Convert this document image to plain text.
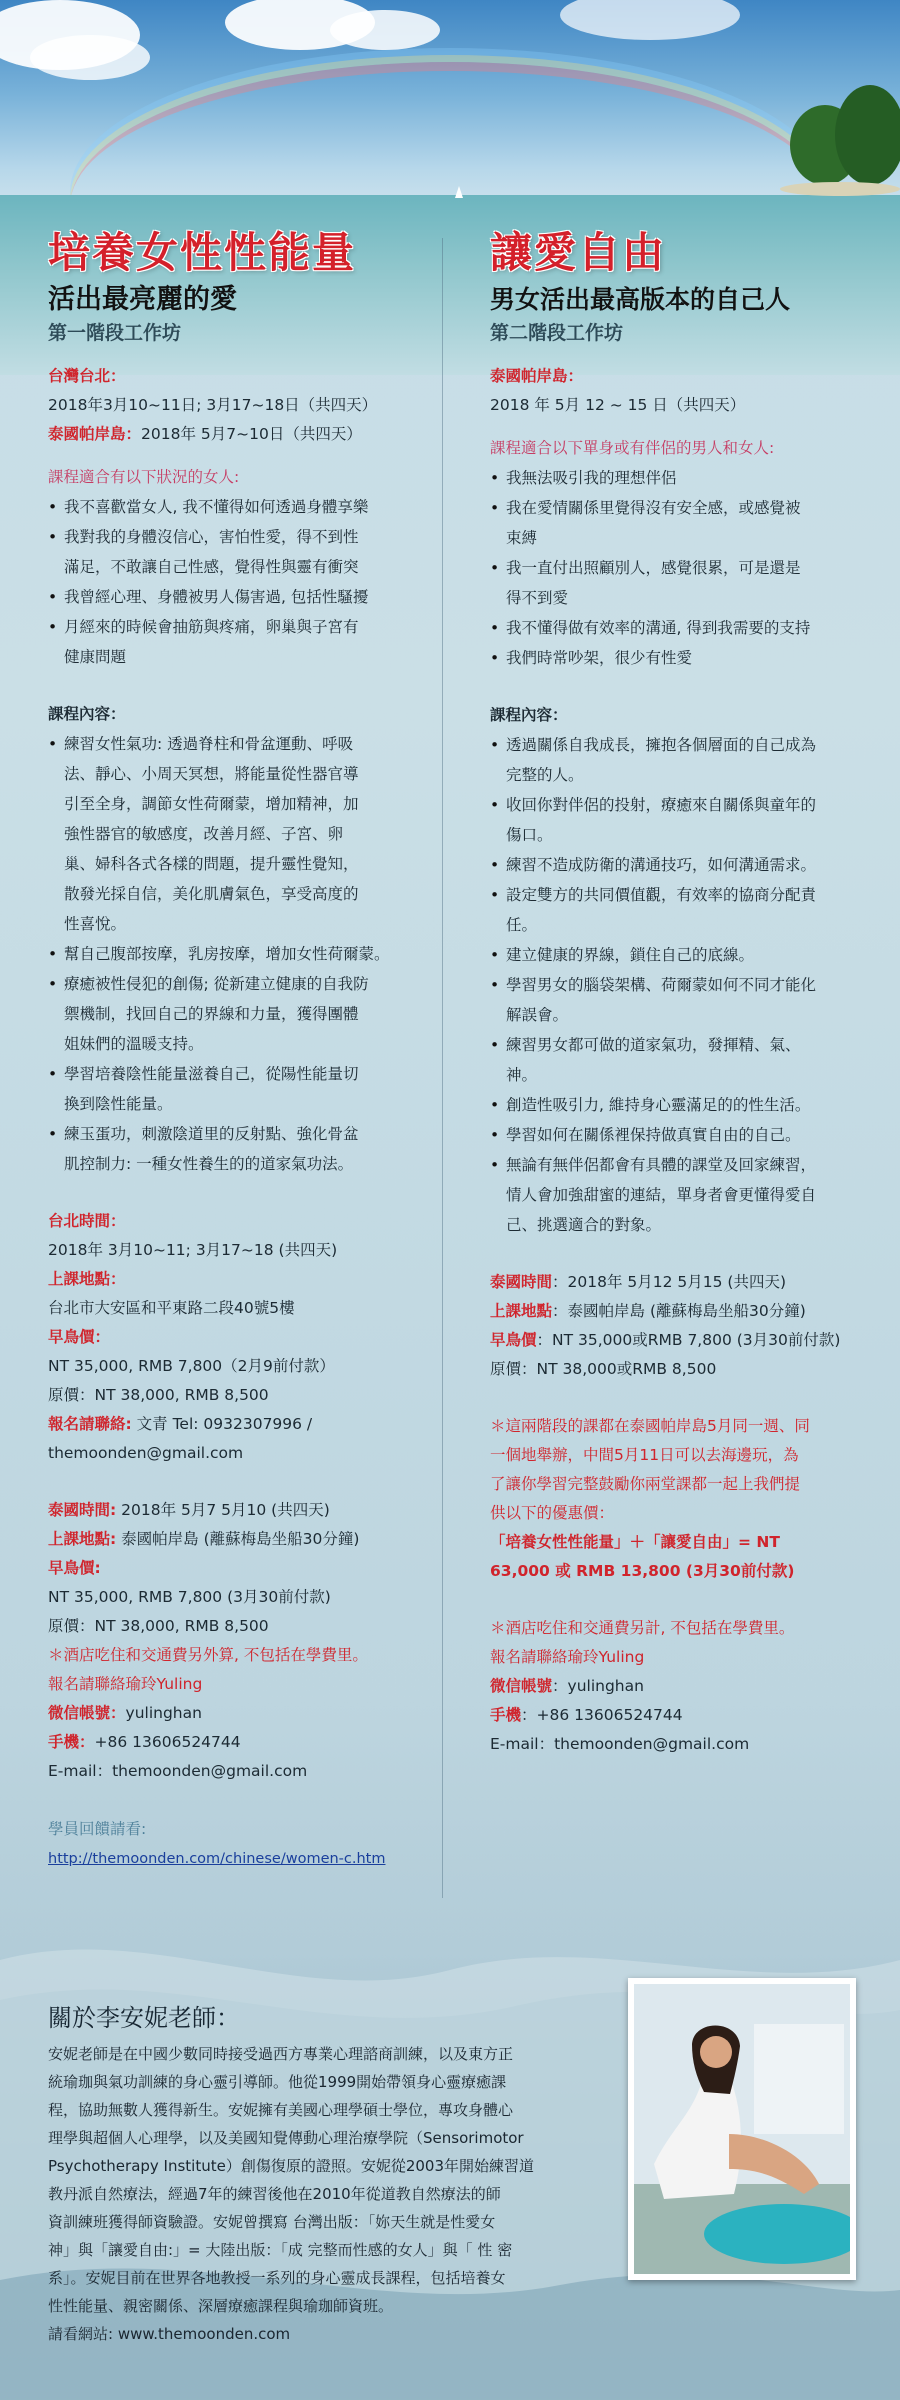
培養女性性能量
活出最亮麗的愛
第一階段工作坊
台灣台北：
2018年3月10~11日; 3月17~18日（共四天）
泰國帕岸島：2018年 5月7~10日（共四天）
課程適合有以下狀況的女人:
• 我不喜歡當女人, 我不懂得如何透過身體享樂
• 我對我的身體沒信心，害怕性愛，得不到性
滿足，不敢讓自己性感，覺得性與靈有衝突
• 我曾經心理、身體被男人傷害過, 包括性騷擾
• 月經來的時候會抽筋與疼痛，卵巢與子宮有
健康問題
課程內容：
• 練習女性氣功: 透過脊柱和骨盆運動、呼吸
法、靜心、小周天冥想，將能量從性器官導
引至全身，調節女性荷爾蒙，增加精神，加
強性器官的敏感度，改善月經、子宮、卵
巢、婦科各式各樣的問題，提升靈性覺知，
散發光採自信，美化肌膚氣色，享受高度的
性喜悅。
• 幫自己腹部按摩，乳房按摩，增加女性荷爾蒙。
• 療癒被性侵犯的創傷; 從新建立健康的自我防
禦機制，找回自己的界線和力量，獲得團體
姐妹們的溫暖支持。
• 學習培養陰性能量滋養自己，從陽性能量切
換到陰性能量。
• 練玉蛋功，刺激陰道里的反射點、強化骨盆
肌控制力: 一種女性養生的的道家氣功法。
台北時間：
2018年 3月10~11; 3月17~18 (共四天)
上課地點：
台北市大安區和平東路二段40號5樓
早鳥價：
NT 35,000, RMB 7,800（2月9前付款）
原價：NT 38,000, RMB 8,500
報名請聯絡: 文青 Tel: 0932307996 /
themoonden@gmail.com
泰國時間: 2018年 5月7 5月10 (共四天)
上課地點: 泰國帕岸島 (離蘇梅島坐船30分鐘)
早鳥價:
NT 35,000, RMB 7,800 (3月30前付款)
原價：NT 38,000, RMB 8,500
＊酒店吃住和交通費另外算, 不包括在學費里。
報名請聯絡瑜玲Yuling
微信帳號：yulinghan
手機：+86 13606524744
E-mail：themoonden@gmail.com
學員回饋請看:
http://themoonden.com/chinese/women-c.htm
讓愛自由
男女活出最高版本的自己人
第二階段工作坊
泰國帕岸島：
2018 年 5月 12 ~ 15 日（共四天）
課程適合以下單身或有伴侶的男人和女人:
• 我無法吸引我的理想伴侶
• 我在愛情關係里覺得沒有安全感，或感覺被
束縛
• 我一直付出照顧別人，感覺很累，可是還是
得不到愛
• 我不懂得做有效率的溝通, 得到我需要的支持
• 我們時常吵架，很少有性愛
課程內容：
• 透過關係自我成長，擁抱各個層面的自己成為
完整的人。
• 收回你對伴侶的投射，療癒來自關係與童年的
傷口。
• 練習不造成防衛的溝通技巧，如何溝通需求。
• 設定雙方的共同價值觀，有效率的協商分配責
任。
• 建立健康的界線，鎖住自己的底線。
• 學習男女的腦袋架構、荷爾蒙如何不同才能化
解誤會。
• 練習男女都可做的道家氣功，發揮精、氣、
神。
• 創造性吸引力, 維持身心靈滿足的的性生活。
• 學習如何在關係裡保持做真實自由的自己。
• 無論有無伴侶都會有具體的課堂及回家練習，
情人會加強甜蜜的連結，單身者會更懂得愛自
己、挑選適合的對象。
泰國時間：2018年 5月12 5月15 (共四天)
上課地點：泰國帕岸島 (離蘇梅島坐船30分鐘)
早鳥價：NT 35,000或RMB 7,800 (3月30前付款)
原價：NT 38,000或RMB 8,500
＊這兩階段的課都在泰國帕岸島5月同一週、同
一個地舉辦，中間5月11日可以去海邊玩，為
了讓你學習完整鼓勵你兩堂課都一起上我們提
供以下的優惠價：
「培養女性性能量」＋「讓愛自由」= NT
63,000 或 RMB 13,800 (3月30前付款)
＊酒店吃住和交通費另計, 不包括在學費里。
報名請聯絡瑜玲Yuling
微信帳號：yulinghan
手機：+86 13606524744
E-mail：themoonden@gmail.com
關於李安妮老師：
安妮老師是在中國少數同時接受過西方專業心理諮商訓練，以及東方正
統瑜珈與氣功訓練的身心靈引導師。他從1999開始帶領身心靈療癒課
程，協助無數人獲得新生。安妮擁有美國心理學碩士學位，專攻身體心
理學與超個人心理學，以及美國知覺傳動心理治療學院（Sensorimotor
Psychotherapy Institute）創傷復原的證照。安妮從2003年開始練習道
教丹派自然療法，經過7年的練習後他在2010年從道教自然療法的師
資訓練班獲得師資驗證。安妮曾撰寫 台灣出版：「妳天生就是性愛女
神」與「讓愛自由:」= 大陸出版：「成 完整而性感的女人」與「 性 密
系」。安妮目前在世界各地教授一系列的身心靈成長課程，包括培養女
性性能量、親密關係、深層療癒課程與瑜珈師資班。
請看網站: www.themoonden.com
